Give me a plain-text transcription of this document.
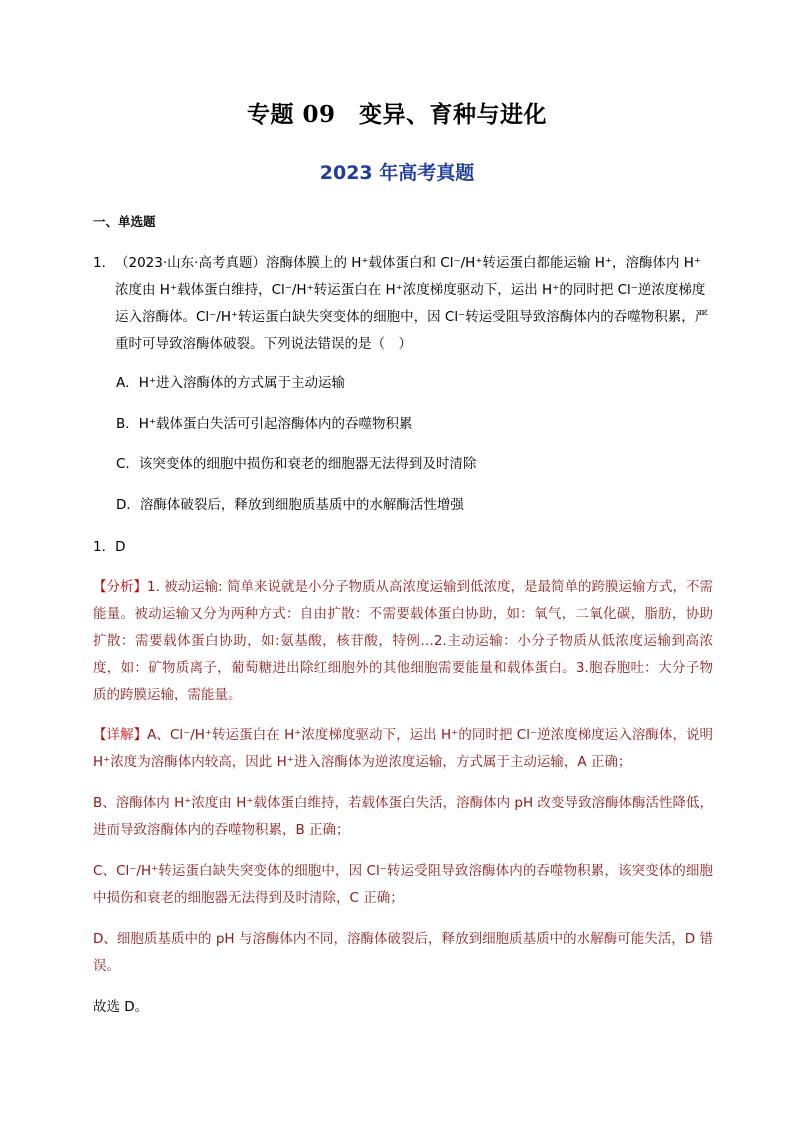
专题 09　变异、育种与进化
2023 年高考真题
一、单选题
1． （2023·山东·高考真题）溶酶体膜上的 H⁺载体蛋白和 Cl⁻/H⁺转运蛋白都能运输 H⁺，溶酶体内 H⁺浓度由 H⁺载体蛋白维持，Cl⁻/H⁺转运蛋白在 H⁺浓度梯度驱动下，运出 H⁺的同时把 Cl⁻逆浓度梯度运入溶酶体。Cl⁻/H⁺转运蛋白缺失突变体的细胞中，因 Cl⁻转运受阻导致溶酶体内的吞噬物积累，严重时可导致溶酶体破裂。下列说法错误的是（　）
A．H⁺进入溶酶体的方式属于主动运输
B．H⁺载体蛋白失活可引起溶酶体内的吞噬物积累
C．该突变体的细胞中损伤和衰老的细胞器无法得到及时清除
D．溶酶体破裂后，释放到细胞质基质中的水解酶活性增强
1．D
【分析】1. 被动运输: 简单来说就是小分子物质从高浓度运输到低浓度，是最简单的跨膜运输方式，不需能量。被动运输又分为两种方式：自由扩散：不需要载体蛋白协助，如：氧气，二氧化碳，脂肪，协助扩散：需要载体蛋白协助，如:氨基酸，核苷酸，特例…2.主动运输：小分子物质从低浓度运输到高浓度，如：矿物质离子，葡萄糖进出除红细胞外的其他细胞需要能量和载体蛋白。3.胞吞胞吐：大分子物质的跨膜运输，需能量。
【详解】A、Cl⁻/H⁺转运蛋白在 H⁺浓度梯度驱动下，运出 H⁺的同时把 Cl⁻逆浓度梯度运入溶酶体，说明 H⁺浓度为溶酶体内较高，因此 H⁺进入溶酶体为逆浓度运输，方式属于主动运输，A 正确；
B、溶酶体内 H⁺浓度由 H⁺载体蛋白维持，若载体蛋白失活，溶酶体内 pH 改变导致溶酶体酶活性降低，进而导致溶酶体内的吞噬物积累，B 正确；
C、Cl⁻/H⁺转运蛋白缺失突变体的细胞中，因 Cl⁻转运受阻导致溶酶体内的吞噬物积累，该突变体的细胞中损伤和衰老的细胞器无法得到及时清除，C 正确；
D、细胞质基质中的 pH 与溶酶体内不同，溶酶体破裂后，释放到细胞质基质中的水解酶可能失活，D 错误。
故选 D。
